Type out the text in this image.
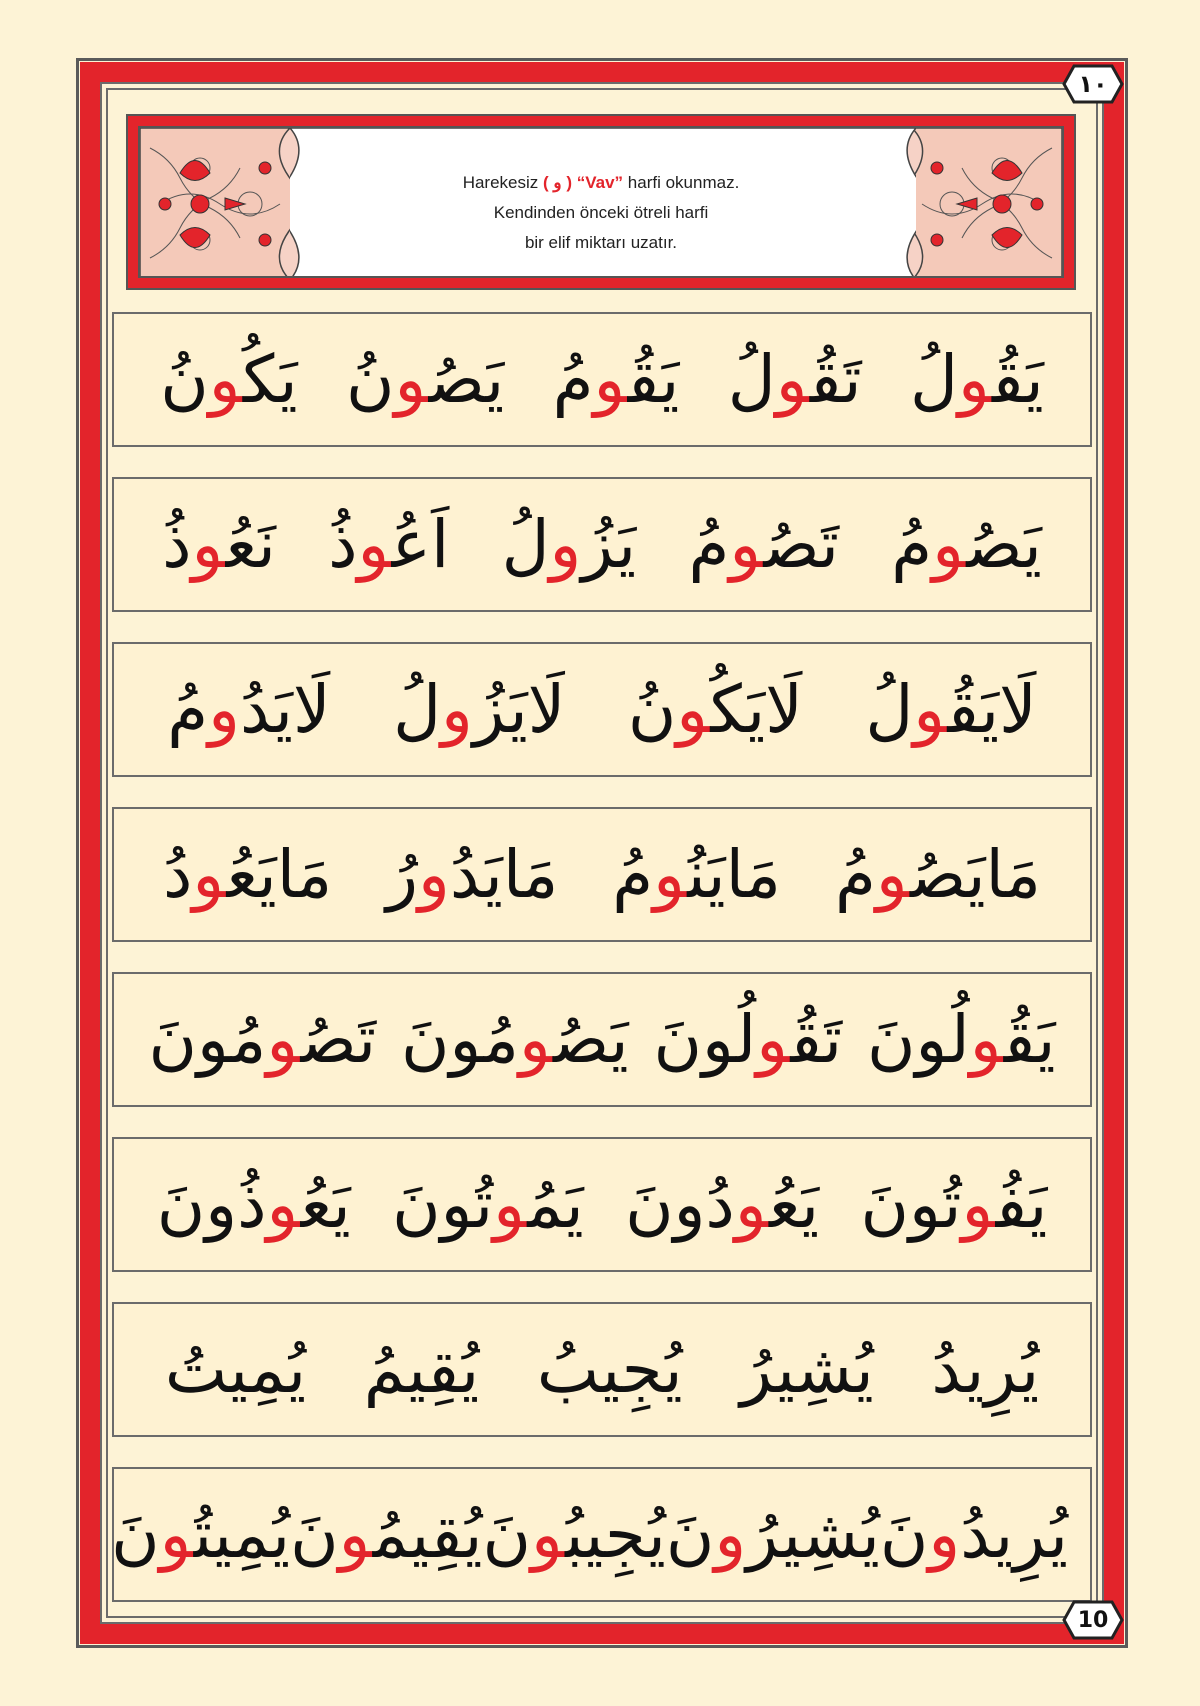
١٠
Harekesiz ( و ) “Vav” harfi okunmaz.
Kendinden önceki ötreli harfi
bir elif miktarı uzatır.
يَقُولُ
تَقُولُ
يَقُومُ
يَصُونُ
يَكُونُ
يَصُومُ
تَصُومُ
يَزُولُ
اَعُوذُ
نَعُوذُ
لَايَقُولُ
لَايَكُونُ
لَايَزُولُ
لَايَدُومُ
مَايَصُومُ
مَايَنُومُ
مَايَدُورُ
مَايَعُودُ
يَقُولُونَ
تَقُولُونَ
يَصُومُونَ
تَصُومُونَ
يَفُوتُونَ
يَعُودُونَ
يَمُوتُونَ
يَعُوذُونَ
يُرِيدُ
يُشِيرُ
يُجِيبُ
يُقِيمُ
يُمِيتُ
يُرِيدُونَ
يُشِيرُونَ
يُجِيبُونَ
يُقِيمُونَ
يُمِيتُونَ
10
